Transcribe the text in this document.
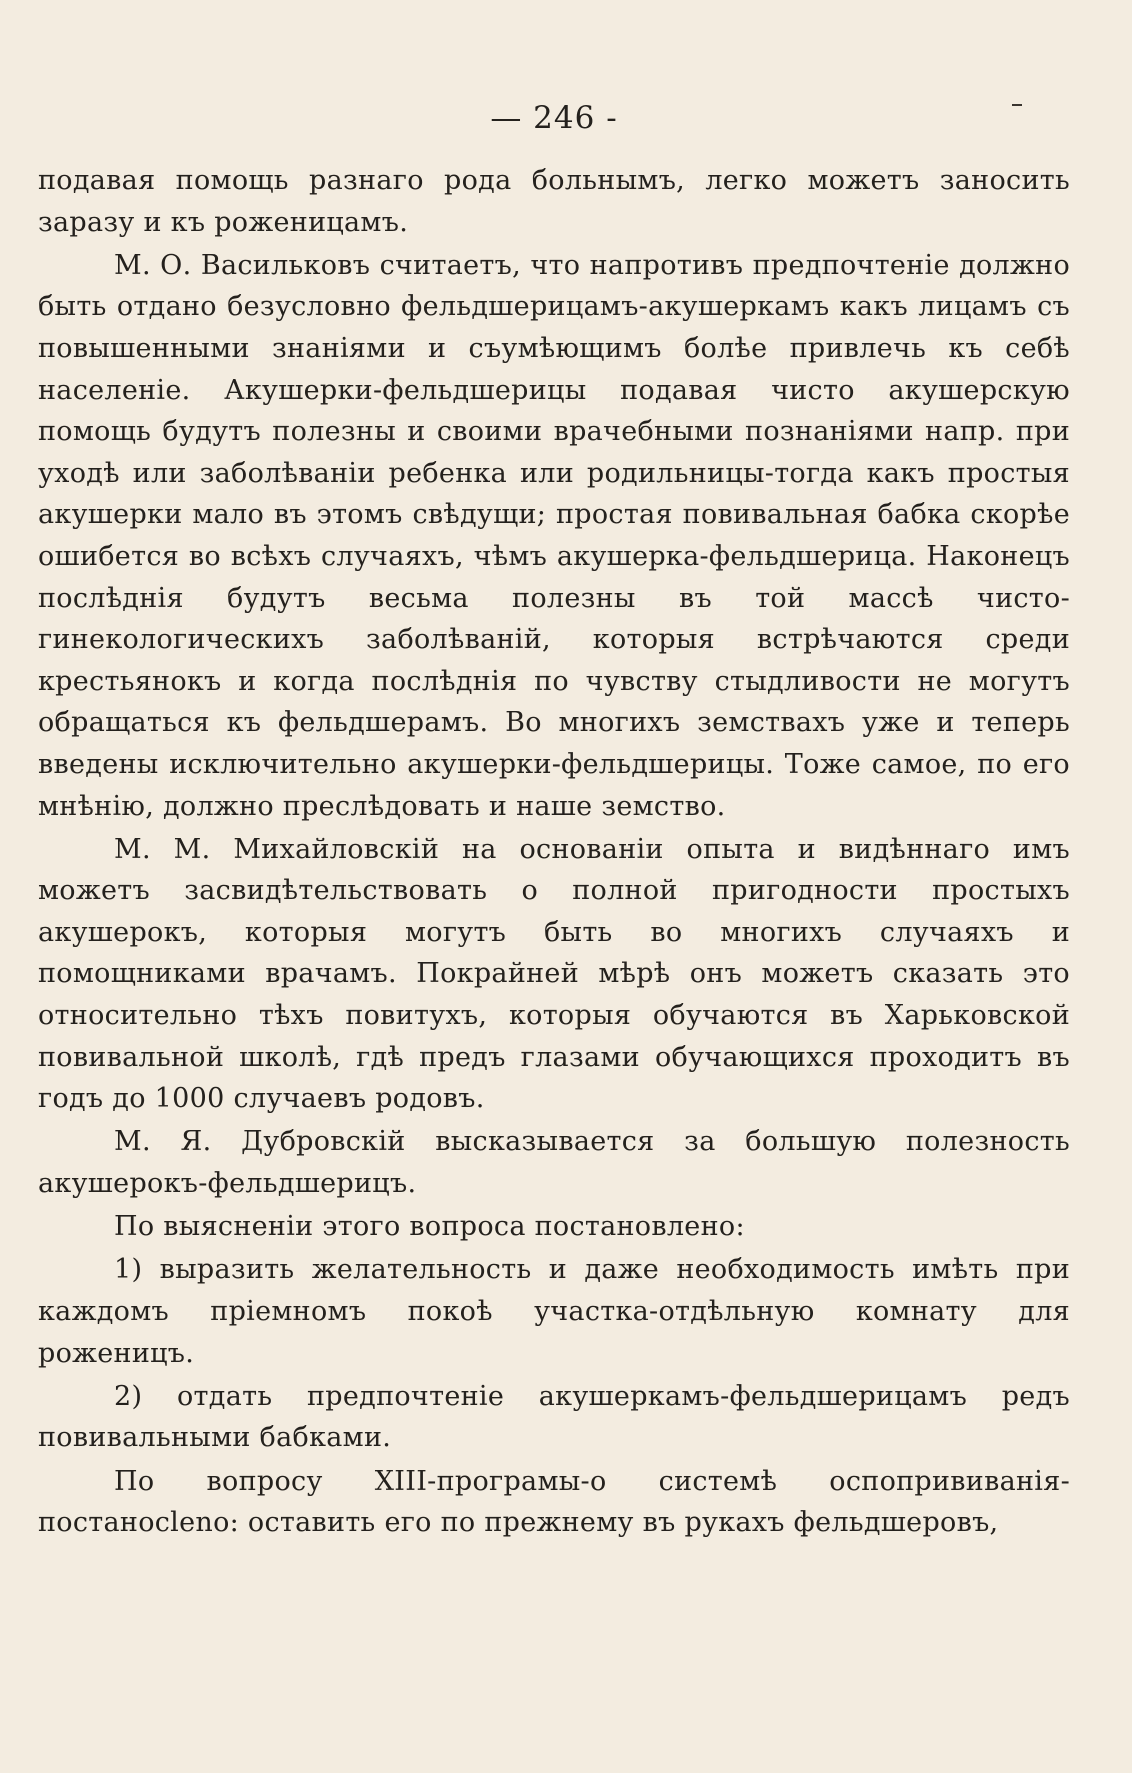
— 246 -

подавая помощь разнаго рода больнымъ, легко можетъ заносить заразу и къ роженицамъ.

М. О. Васильковъ считаетъ, что напротивъ предпочтеніе должно быть отдано безусловно фельдшерицамъ-акушеркамъ какъ лицамъ съ повышенными знаніями и съумѣющимъ болѣе привлечь къ себѣ населеніе. Акушерки-фельдшерицы подавая чисто акушерскую помощь будутъ полезны и своими врачебными познаніями напр. при уходѣ или заболѣваніи ребенка или родильницы-тогда какъ простыя акушерки мало въ этомъ свѣдущи; простая повивальная бабка скорѣе ошибется во всѣхъ случаяхъ, чѣмъ акушерка-фельдшерица. Наконецъ послѣднія будутъ весьма полезны въ той массѣ чисто-гинекологическихъ заболѣваній, которыя встрѣчаются среди крестьянокъ и когда послѣднія по чувству стыдливости не могутъ обращаться къ фельдшерамъ. Во многихъ земствахъ уже и теперь введены исключительно акушерки-фельдшерицы. Тоже самое, по его мнѣнію, должно преслѣдовать и наше земство.

М. М. Михайловскій на основаніи опыта и видѣннаго имъ можетъ засвидѣтельствовать о полной пригодности простыхъ акушерокъ, которыя могутъ быть во многихъ случаяхъ и помощниками врачамъ. Покрайней мѣрѣ онъ можетъ сказать это относительно тѣхъ повитухъ, которыя обучаются въ Харьковской повивальной школѣ, гдѣ предъ глазами обучающихся проходитъ въ годъ до 1000 случаевъ родовъ.

М. Я. Дубровскій высказывается за большую полезность акушерокъ-фельдшерицъ.

По выясненіи этого вопроса постановлено:

1) выразить желательность и даже необходимость имѣть при каждомъ пріемномъ покоѣ участка-отдѣльную комнату для роженицъ.

2) отдать предпочтеніе акушеркамъ-фельдшерицамъ редъ повивальными бабками.

По вопросу XIII-програмы-о системѣ оспопрививанія-постаносleno: оставить его по прежнему въ рукахъ фельдшеровъ,
